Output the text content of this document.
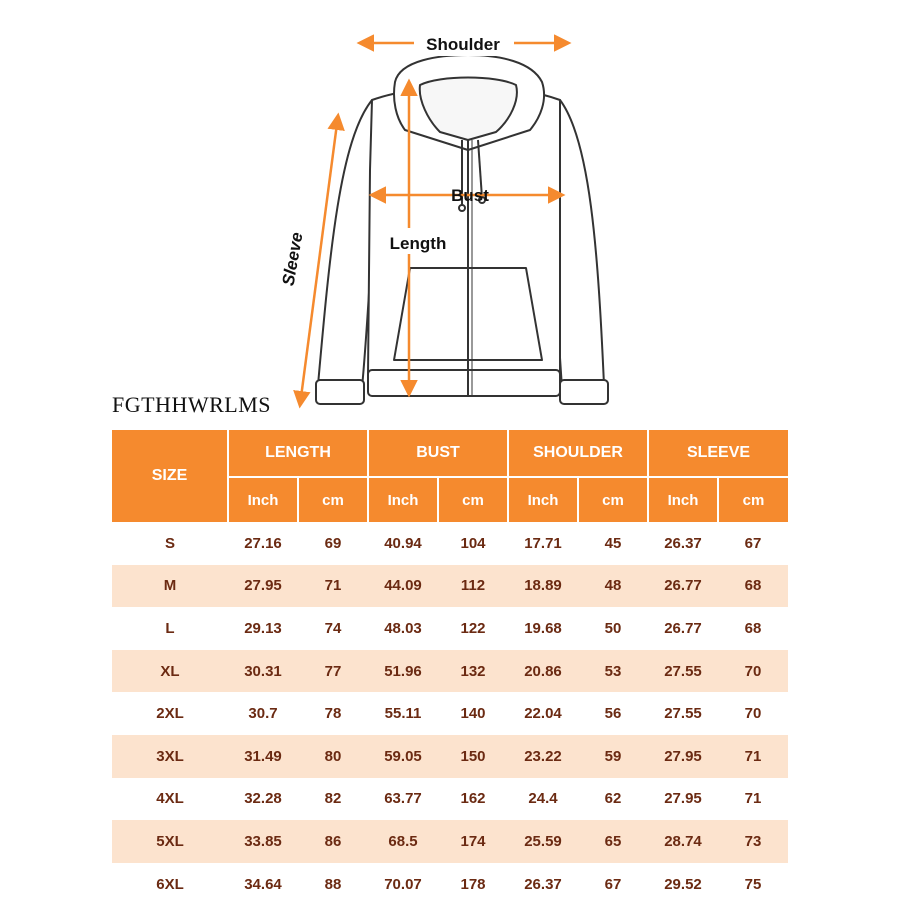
Shoulder
Bust
Length
Sleeve
FGTHHWRLMS
SIZE	LENGTH		BUST		SHOULDER		SLEEVE	
	Inch	cm	Inch	cm	Inch	cm	Inch	cm
S	27.16	69	40.94	104	17.71	45	26.37	67
M	27.95	71	44.09	112	18.89	48	26.77	68
L	29.13	74	48.03	122	19.68	50	26.77	68
XL	30.31	77	51.96	132	20.86	53	27.55	70
2XL	30.7	78	55.11	140	22.04	56	27.55	70
3XL	31.49	80	59.05	150	23.22	59	27.95	71
4XL	32.28	82	63.77	162	24.4	62	27.95	71
5XL	33.85	86	68.5	174	25.59	65	28.74	73
6XL	34.64	88	70.07	178	26.37	67	29.52	75
